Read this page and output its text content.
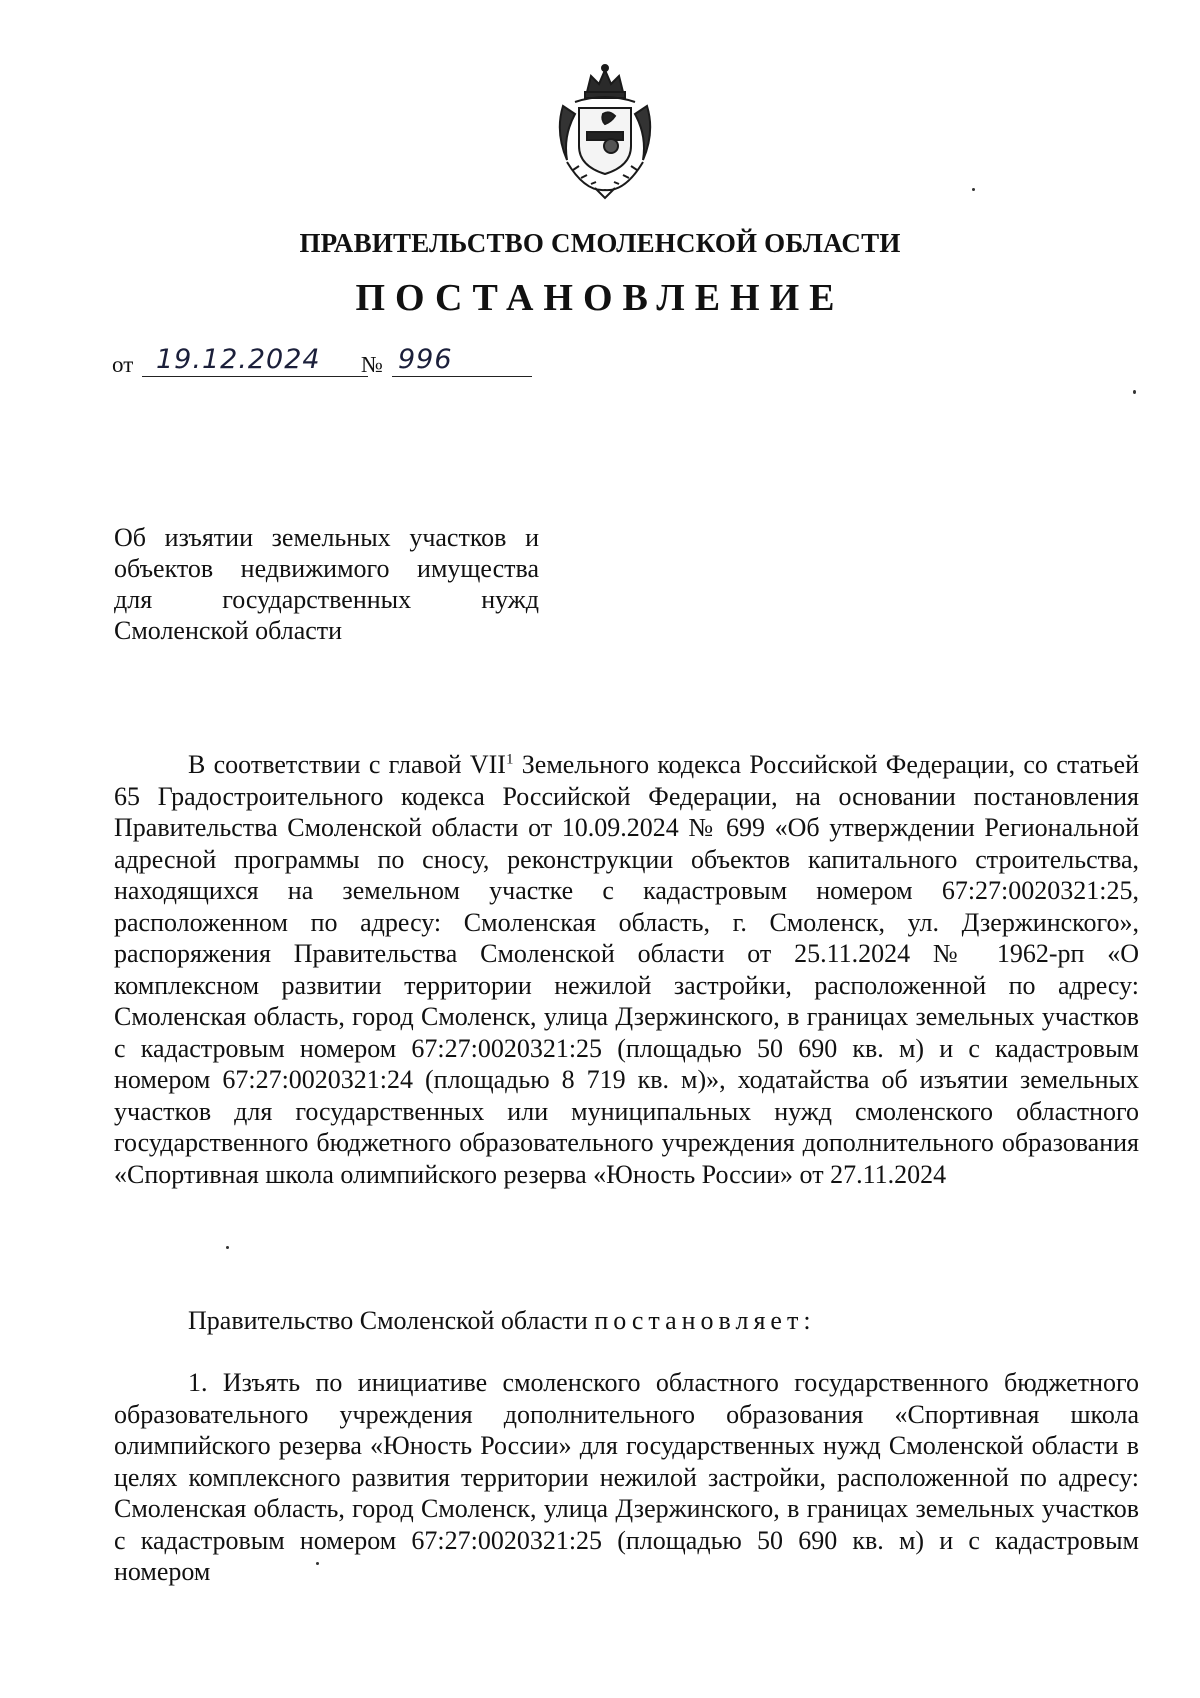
ПРАВИТЕЛЬСТВО СМОЛЕНСКОЙ ОБЛАСТИ
ПОСТАНОВЛЕНИЕ
от 19.12.2024 № 996
Об изъятии земельных участков и
объектов недвижимого имущества
для государственных нужд
Смоленской области
В соответствии с главой VII$^1$ Земельного кодекса Российской Федерации, со статьей 65 Градостроительного кодекса Российской Федерации, на основании постановления Правительства Смоленской области от 10.09.2024 № 699 «Об утверждении Региональной адресной программы по сносу, реконструкции объектов капитального строительства, находящихся на земельном участке с кадастровым номером 67:27:0020321:25, расположенном по адресу: Смоленская область, г. Смоленск, ул. Дзержинского», распоряжения Правительства Смоленской области от 25.11.2024 № 1962-рп «О комплексном развитии территории нежилой застройки, расположенной по адресу: Смоленская область, город Смоленск, улица Дзержинского, в границах земельных участков с кадастровым номером 67:27:0020321:25 (площадью 50 690 кв. м) и с кадастровым номером 67:27:0020321:24 (площадью 8 719 кв. м)», ходатайства об изъятии земельных участков для государственных или муниципальных нужд смоленского областного государственного бюджетного образовательного учреждения дополнительного образования «Спортивная школа олимпийского резерва «Юность России» от 27.11.2024
Правительство Смоленской области постановляет:
1. Изъять по инициативе смоленского областного государственного бюджетного образовательного учреждения дополнительного образования «Спортивная школа олимпийского резерва «Юность России» для государственных нужд Смоленской области в целях комплексного развития территории нежилой застройки, расположенной по адресу: Смоленская область, город Смоленск, улица Дзержинского, в границах земельных участков с кадастровым номером 67:27:0020321:25 (площадью 50 690 кв. м) и с кадастровым номером
